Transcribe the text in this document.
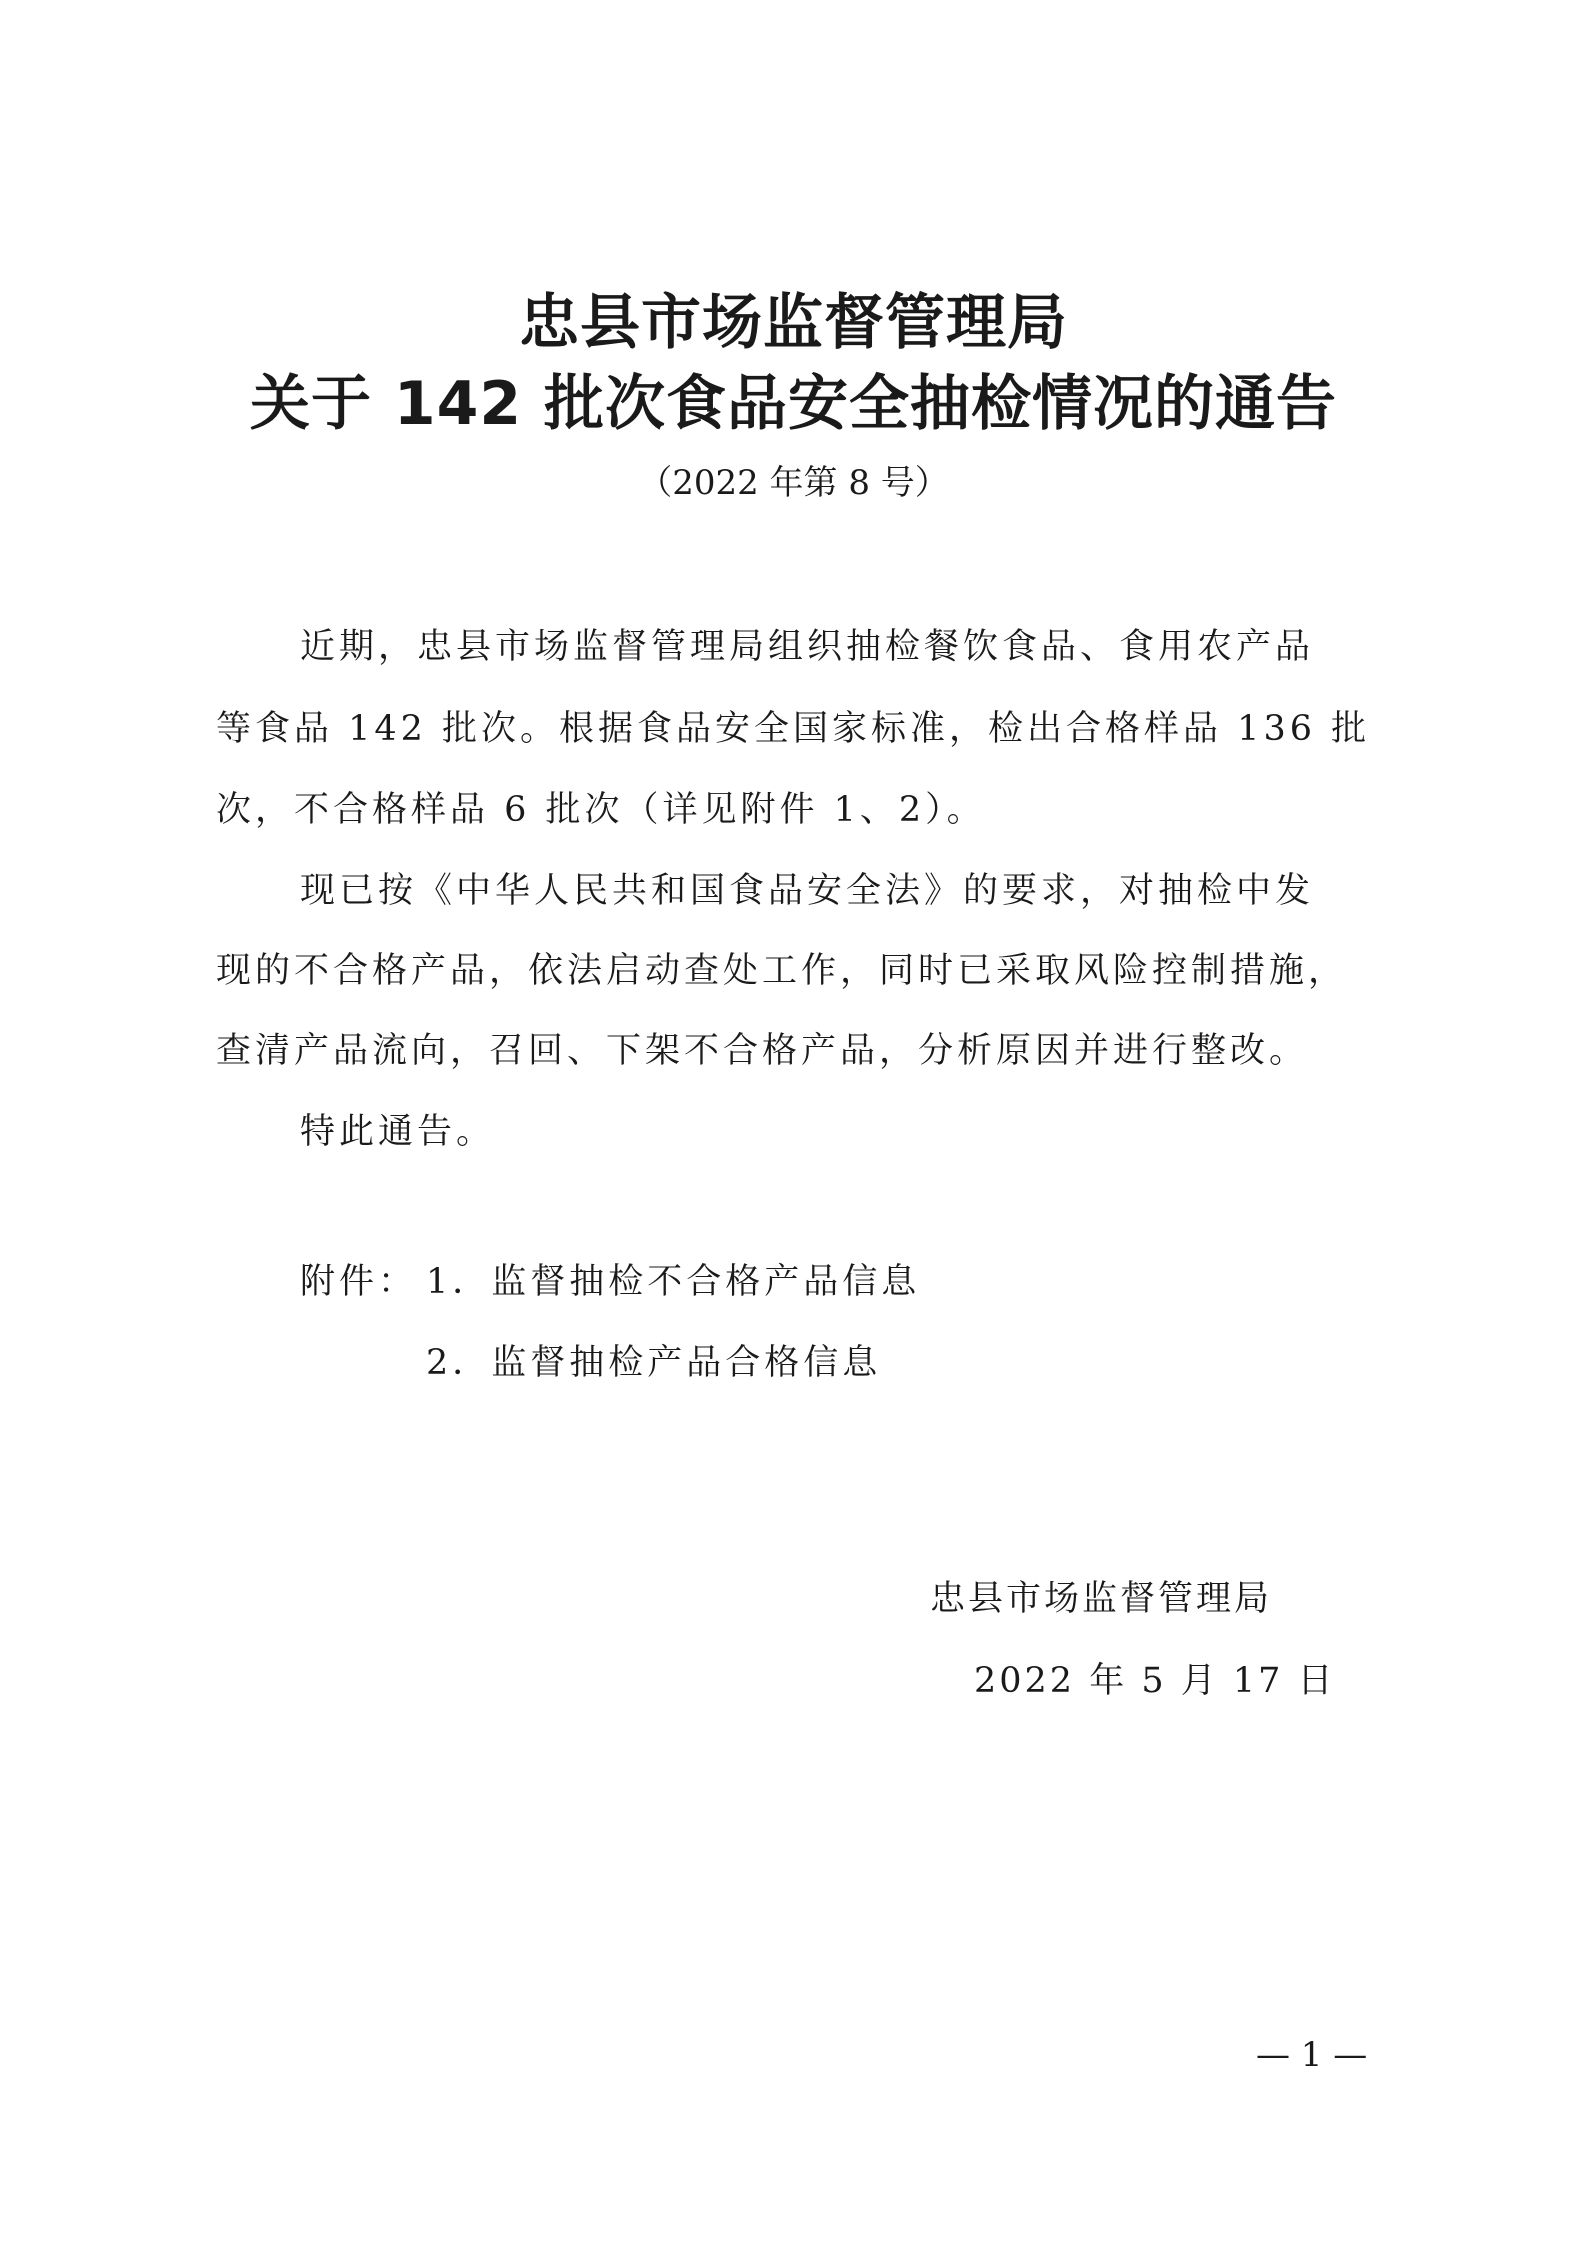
忠县市场监督管理局
关于 142 批次食品安全抽检情况的通告
（2022 年第 8 号）
近期，忠县市场监督管理局组织抽检餐饮食品、食用农产品
等食品 142 批次。根据食品安全国家标准，检出合格样品 136 批
次，不合格样品 6 批次（详见附件 1、2）。
现已按《中华人民共和国食品安全法》的要求，对抽检中发
现的不合格产品，依法启动查处工作，同时已采取风险控制措施，
查清产品流向，召回、下架不合格产品，分析原因并进行整改。
特此通告。
附件： 1．监督抽检不合格产品信息
2．监督抽检产品合格信息
忠县市场监督管理局
2022 年 5 月 17 日
— 1 —
